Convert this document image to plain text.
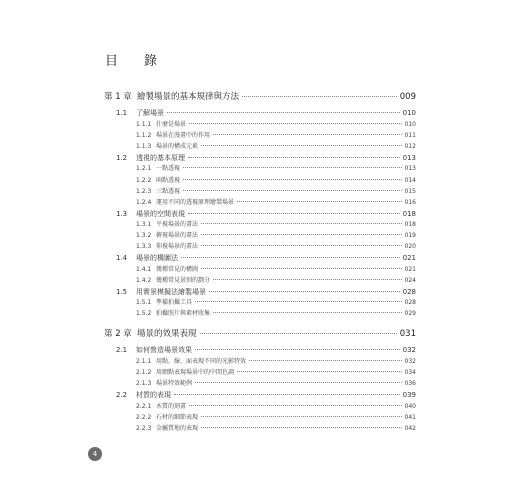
目 錄
第 1 章 繪製場景的基本規律與方法	009
1.1	了解場景	010
1.1.1 什麼是場景	010
1.1.2 場景在漫畫中的作用	011
1.1.3 場景的構成元素	012
1.2	透視的基本原理	013
1.2.1 一點透視	013
1.2.2 兩點透視	014
1.2.3 三點透視	015
1.2.4 運用不同的透視原理繪製場景	016
1.3	場景的空間表現	018
1.3.1 平視場景的畫法	018
1.3.2 俯視場景的畫法	019
1.3.3 仰視場景的畫法	020
1.4	場景的構圖法	021
1.4.1 幾種常見的構圖	021
1.4.2 幾種常見景別的劃分	024
1.5	用實景模擬法繪製場景	028
1.5.1 準備拍攝工具	028
1.5.2 拍攝照片與素材收集	029
第 2 章 場景的效果表現	031
2.1	如何營造場景效果	032
2.1.1 用點、線、面表現不同的光影特效	032
2.1.2 用網點表現場景中的中間色調	034
2.1.3 場景特效範例	036
2.2	材質的表現	039
2.2.1 木質的刻畫	040
2.2.2 石材的細節表現	041
2.2.3 金屬質地的表現	042
4
